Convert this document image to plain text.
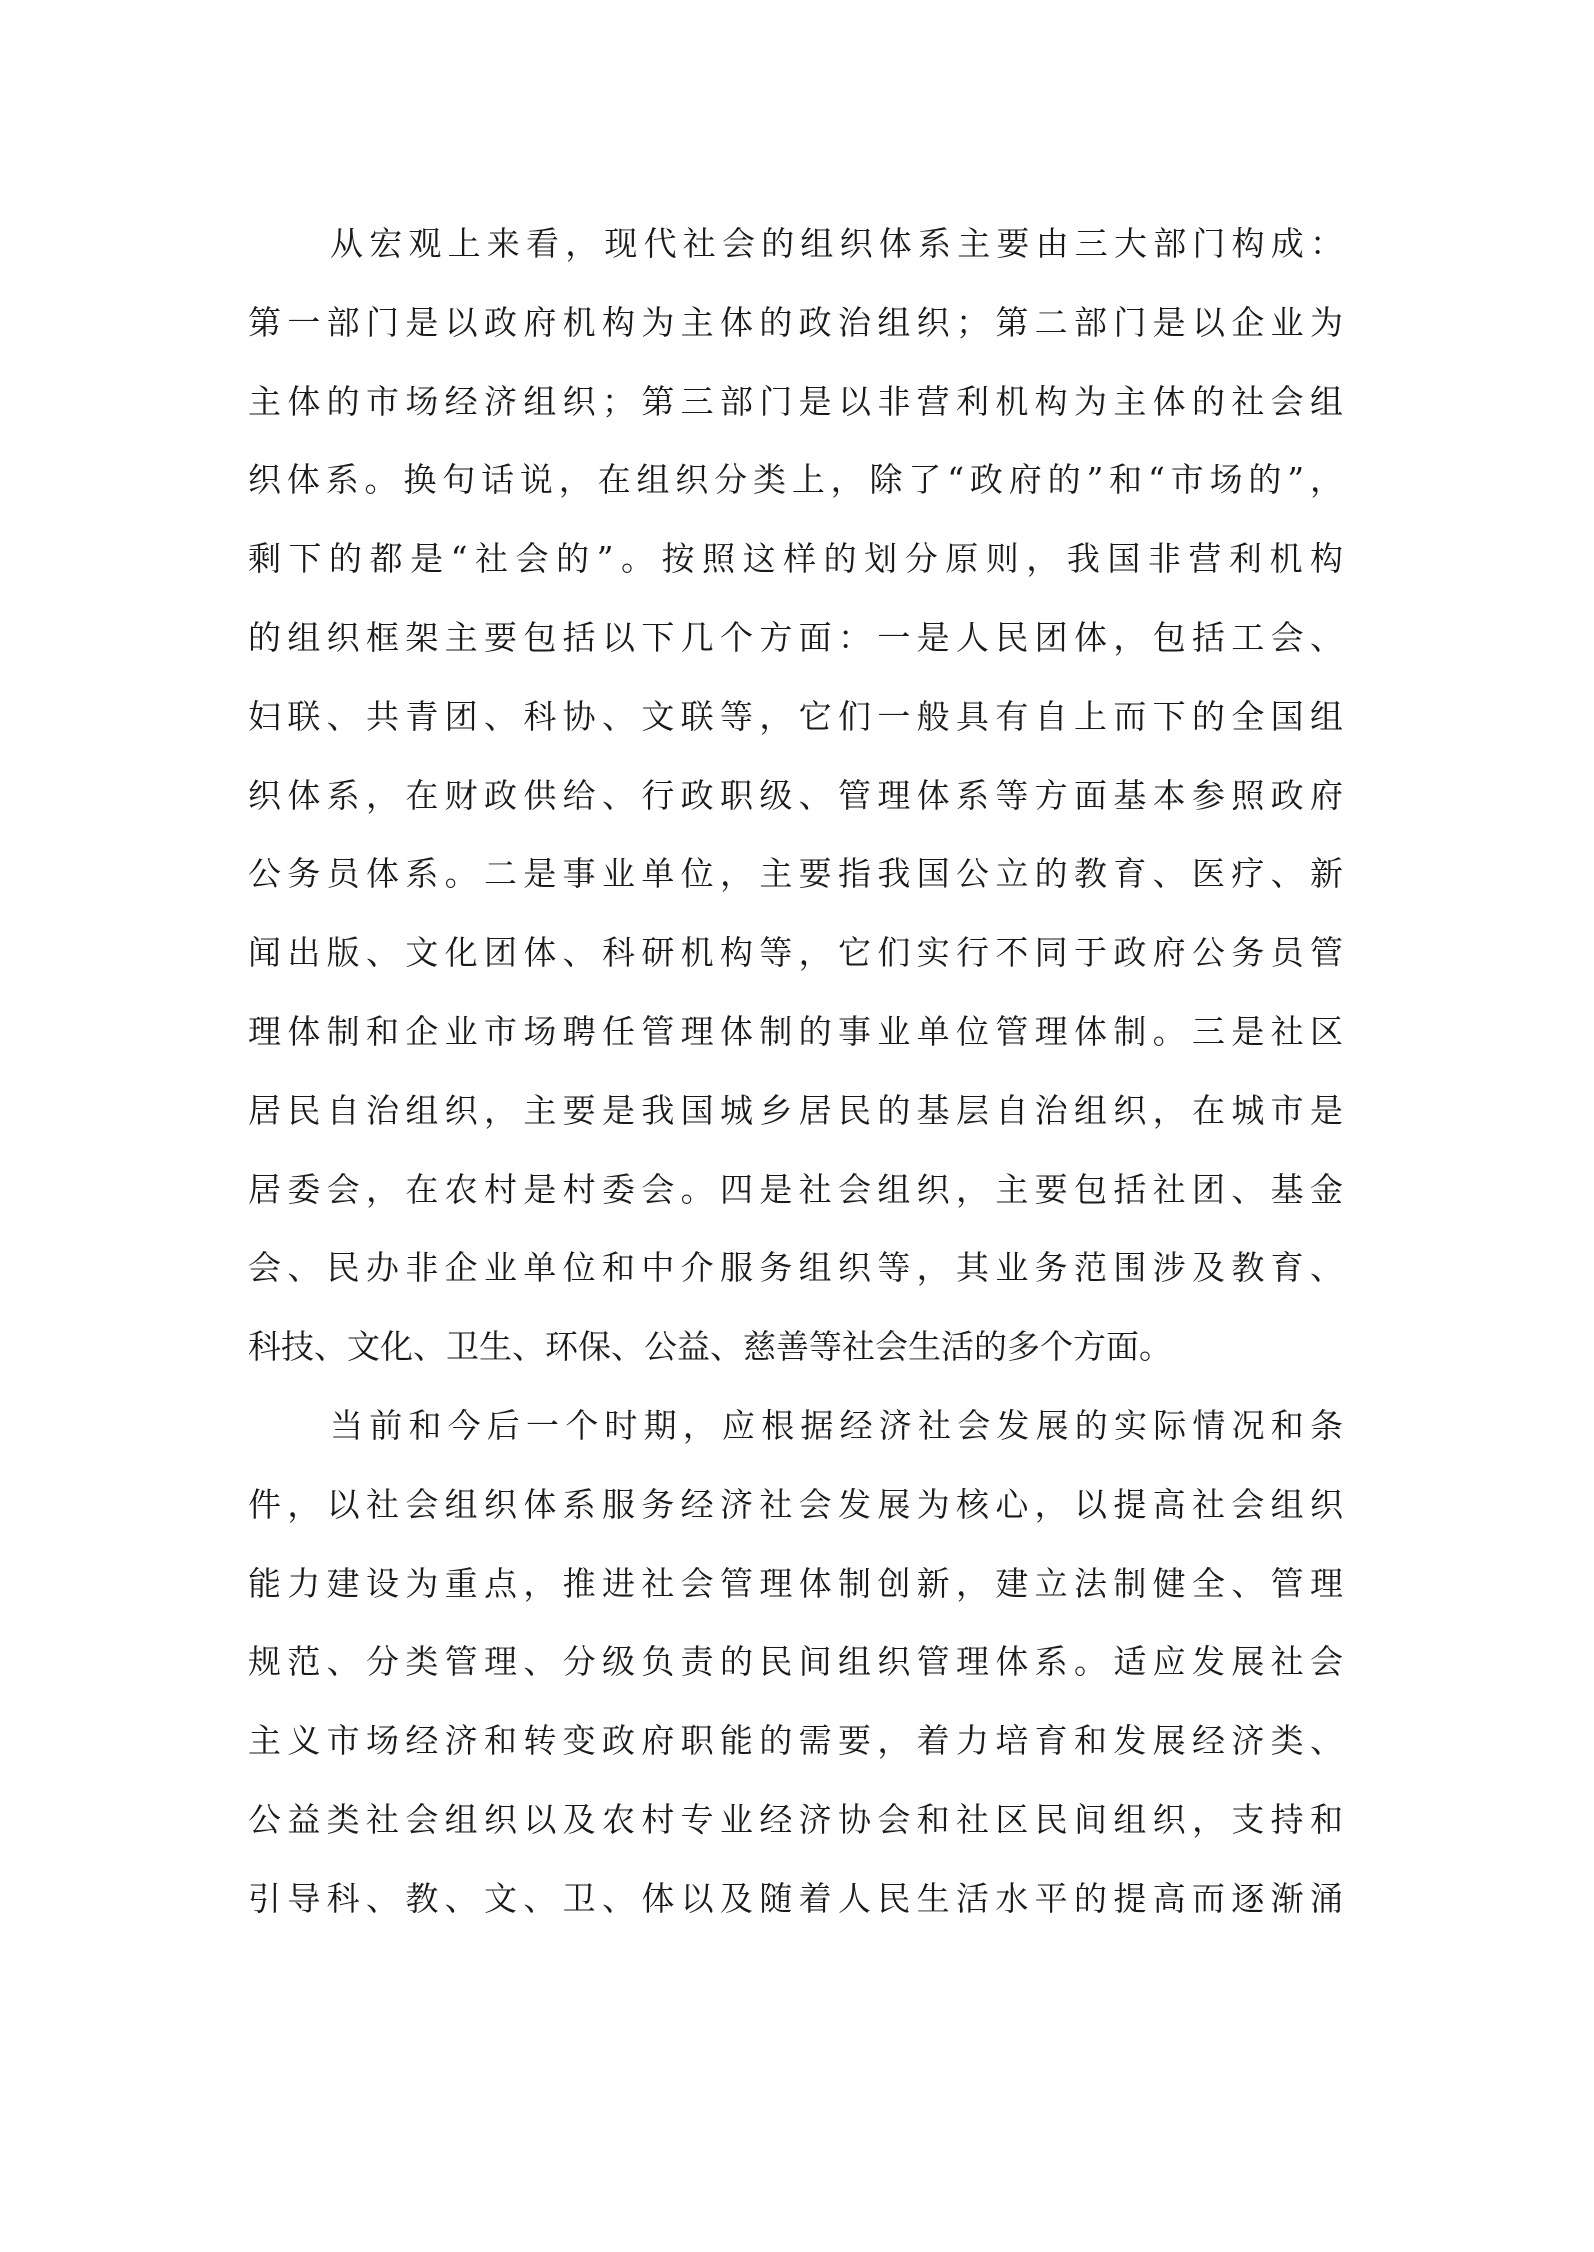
从宏观上来看，现代社会的组织体系主要由三大部门构成：
第一部门是以政府机构为主体的政治组织；第二部门是以企业为
主体的市场经济组织；第三部门是以非营利机构为主体的社会组
织体系。换句话说，在组织分类上，除了“政府的”和“市场的”，
剩下的都是“社会的”。按照这样的划分原则，我国非营利机构
的组织框架主要包括以下几个方面：一是人民团体，包括工会、
妇联、共青团、科协、文联等，它们一般具有自上而下的全国组
织体系，在财政供给、行政职级、管理体系等方面基本参照政府
公务员体系。二是事业单位，主要指我国公立的教育、医疗、新
闻出版、文化团体、科研机构等，它们实行不同于政府公务员管
理体制和企业市场聘任管理体制的事业单位管理体制。三是社区
居民自治组织，主要是我国城乡居民的基层自治组织，在城市是
居委会，在农村是村委会。四是社会组织，主要包括社团、基金
会、民办非企业单位和中介服务组织等，其业务范围涉及教育、
科技、文化、卫生、环保、公益、慈善等社会生活的多个方面。
当前和今后一个时期，应根据经济社会发展的实际情况和条
件，以社会组织体系服务经济社会发展为核心，以提高社会组织
能力建设为重点，推进社会管理体制创新，建立法制健全、管理
规范、分类管理、分级负责的民间组织管理体系。适应发展社会
主义市场经济和转变政府职能的需要，着力培育和发展经济类、
公益类社会组织以及农村专业经济协会和社区民间组织，支持和
引导科、教、文、卫、体以及随着人民生活水平的提高而逐渐涌
